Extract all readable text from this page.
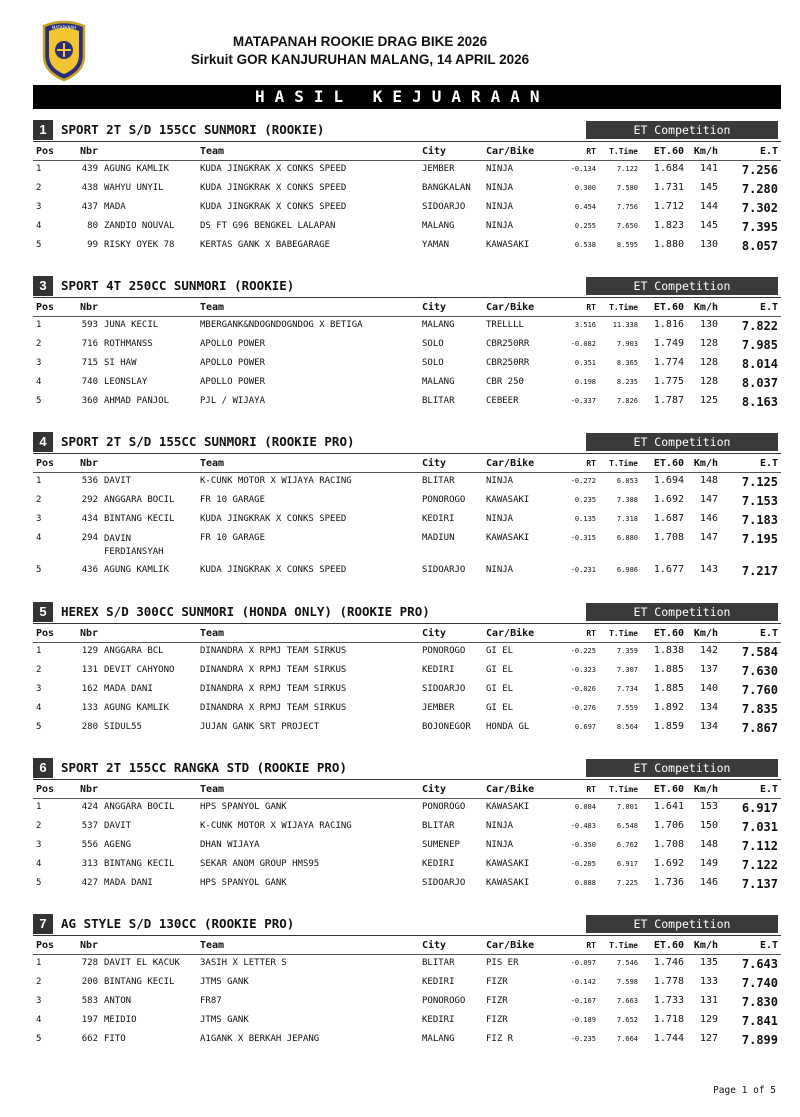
MATAPANAH
MATAPANAH ROOKIE DRAG BIKE 2026
Sirkuit GOR KANJURUHAN MALANG, 14 APRIL 2026
HASIL KEJUARAAN
1	SPORT 2T S/D 155CC SUNMORI (ROOKIE)	ET Competition
Pos	Nbr		Team	City	Car/Bike	RT	T.Time	ET.60	Km/h	E.T
1	439	AGUNG KAMLIK	KUDA JINGKRAK X CONKS SPEED	JEMBER	NINJA	-0.134	7.122	1.684	141	7.256
2	438	WAHYU UNYIL	KUDA JINGKRAK X CONKS SPEED	BANGKALAN	NINJA	0.300	7.580	1.731	145	7.280
3	437	MADA	KUDA JINGKRAK X CONKS SPEED	SIDOARJO	NINJA	0.454	7.756	1.712	144	7.302
4	80	ZANDIO NOUVAL	DS FT G96 BENGKEL LALAPAN	MALANG	NINJA	0.255	7.650	1.823	145	7.395
5	99	RISKY OYEK 78	KERTAS GANK X BABEGARAGE	YAMAN	KAWASAKI	0.538	8.595	1.880	130	8.057
3	SPORT 4T 250CC SUNMORI (ROOKIE)	ET Competition
Pos	Nbr		Team	City	Car/Bike	RT	T.Time	ET.60	Km/h	E.T
1	593	JUNA KECIL	MBERGANK&NDOGNDOGNDOG X BETIGA	MALANG	TRELLLL	3.516	11.338	1.816	130	7.822
2	716	ROTHMANSS	APOLLO POWER	SOLO	CBR250RR	-0.082	7.903	1.749	128	7.985
3	715	SI HAW	APOLLO POWER	SOLO	CBR250RR	0.351	8.365	1.774	128	8.014
4	740	LEONSLAY	APOLLO POWER	MALANG	CBR 250	0.198	8.235	1.775	128	8.037
5	360	AHMAD PANJOL	PJL / WIJAYA	BLITAR	CEBEER	-0.337	7.826	1.787	125	8.163
4	SPORT 2T S/D 155CC SUNMORI (ROOKIE PRO)	ET Competition
Pos	Nbr		Team	City	Car/Bike	RT	T.Time	ET.60	Km/h	E.T
1	536	DAVIT	K-CUNK MOTOR X WIJAYA RACING	BLITAR	NINJA	-0.272	6.853	1.694	148	7.125
2	292	ANGGARA BOCIL	FR 10 GARAGE	PONOROGO	KAWASAKI	0.235	7.388	1.692	147	7.153
3	434	BINTANG KECIL	KUDA JINGKRAK X CONKS SPEED	KEDIRI	NINJA	0.135	7.318	1.687	146	7.183
4	294	DAVIN FERDIANSYAH	FR 10 GARAGE	MADIUN	KAWASAKI	-0.315	6.880	1.708	147	7.195
5	436	AGUNG KAMLIK	KUDA JINGKRAK X CONKS SPEED	SIDOARJO	NINJA	-0.231	6.986	1.677	143	7.217
5	HEREX S/D 300CC SUNMORI (HONDA ONLY) (ROOKIE PRO)	ET Competition
Pos	Nbr		Team	City	Car/Bike	RT	T.Time	ET.60	Km/h	E.T
1	129	ANGGARA BCL	DINANDRA X RPMJ TEAM SIRKUS	PONOROGO	GI EL	-0.225	7.359	1.838	142	7.584
2	131	DEVIT CAHYONO	DINANDRA X RPMJ TEAM SIRKUS	KEDIRI	GI EL	-0.323	7.307	1.885	137	7.630
3	162	MADA DANI	DINANDRA X RPMJ TEAM SIRKUS	SIDOARJO	GI EL	-0.026	7.734	1.885	140	7.760
4	133	AGUNG KAMLIK	DINANDRA X RPMJ TEAM SIRKUS	JEMBER	GI EL	-0.276	7.559	1.892	134	7.835
5	280	SIDUL55	JUJAN GANK SRT PROJECT	BOJONEGOR	HONDA GL	0.697	8.564	1.859	134	7.867
6	SPORT 2T 155CC RANGKA STD (ROOKIE PRO)	ET Competition
Pos	Nbr		Team	City	Car/Bike	RT	T.Time	ET.60	Km/h	E.T
1	424	ANGGARA BOCIL	HPS SPANYOL GANK	PONOROGO	KAWASAKI	0.084	7.001	1.641	153	6.917
2	537	DAVIT	K-CUNK MOTOR X WIJAYA RACING	BLITAR	NINJA	-0.483	6.548	1.706	150	7.031
3	556	AGENG	DHAN WIJAYA	SUMENEP	NINJA	-0.350	6.762	1.708	148	7.112
4	313	BINTANG KECIL	SEKAR ANOM GROUP HMS95	KEDIRI	KAWASAKI	-0.205	6.917	1.692	149	7.122
5	427	MADA DANI	HPS SPANYOL GANK	SIDOARJO	KAWASAKI	0.088	7.225	1.736	146	7.137
7	AG STYLE S/D 130CC (ROOKIE PRO)	ET Competition
Pos	Nbr		Team	City	Car/Bike	RT	T.Time	ET.60	Km/h	E.T
1	728	DAVIT EL KACUK	3ASIH X LETTER S	BLITAR	PIS ER	-0.097	7.546	1.746	135	7.643
2	200	BINTANG KECIL	JTMS GANK	KEDIRI	FIZR	-0.142	7.598	1.778	133	7.740
3	583	ANTON	FR87	PONOROGO	FIZR	-0.167	7.663	1.733	131	7.830
4	197	MEIDIO	JTMS GANK	KEDIRI	FIZR	-0.189	7.652	1.718	129	7.841
5	662	FITO	A1GANK X BERKAH JEPANG	MALANG	FIZ R	-0.235	7.664	1.744	127	7.899
Page 1 of 5
